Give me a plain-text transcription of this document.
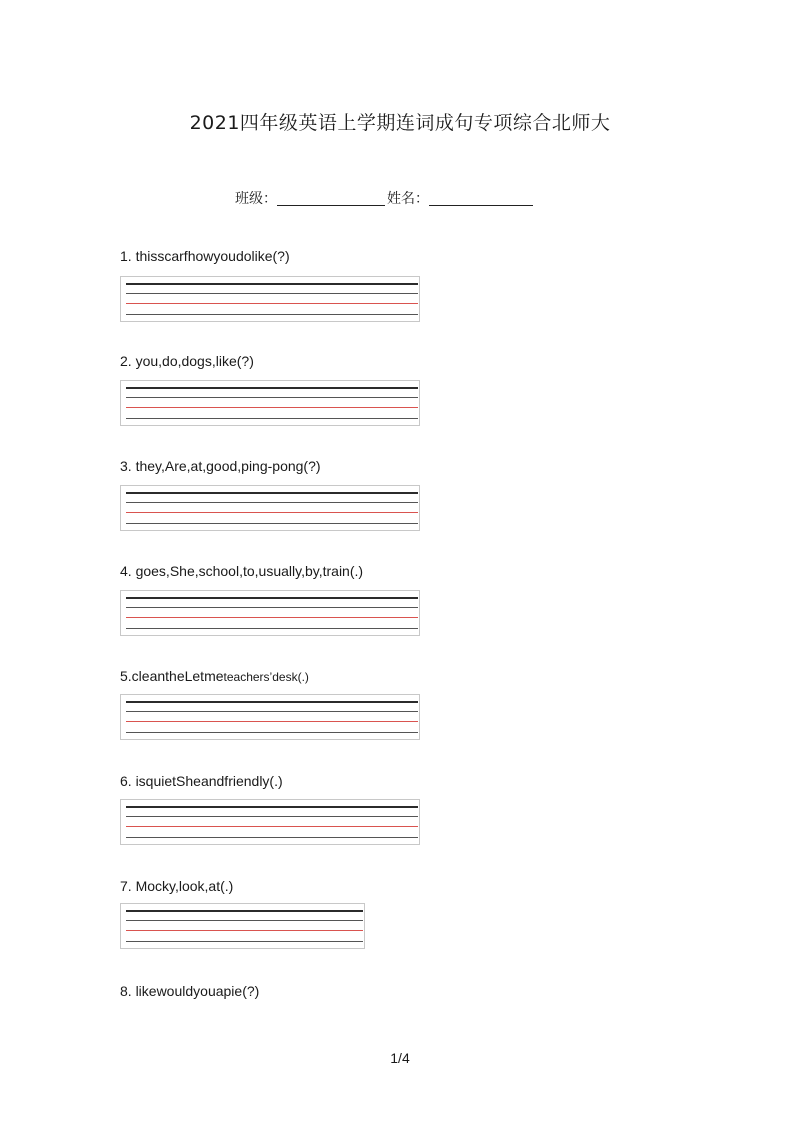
2021四年级英语上学期连词成句专项综合北师大
班级：	姓名：
1. thisscarfhowyoudolike(?)
2. you,do,dogs,like(?)
3. they,Are,at,good,ping-pong(?)
4. goes,She,school,to,usually,by,train(.)
5.cleantheLetmeteachers’desk(.)
6. isquietSheandfriendly(.)
7. Mocky,look,at(.)
8. likewouldyouapie(?)
1/4
